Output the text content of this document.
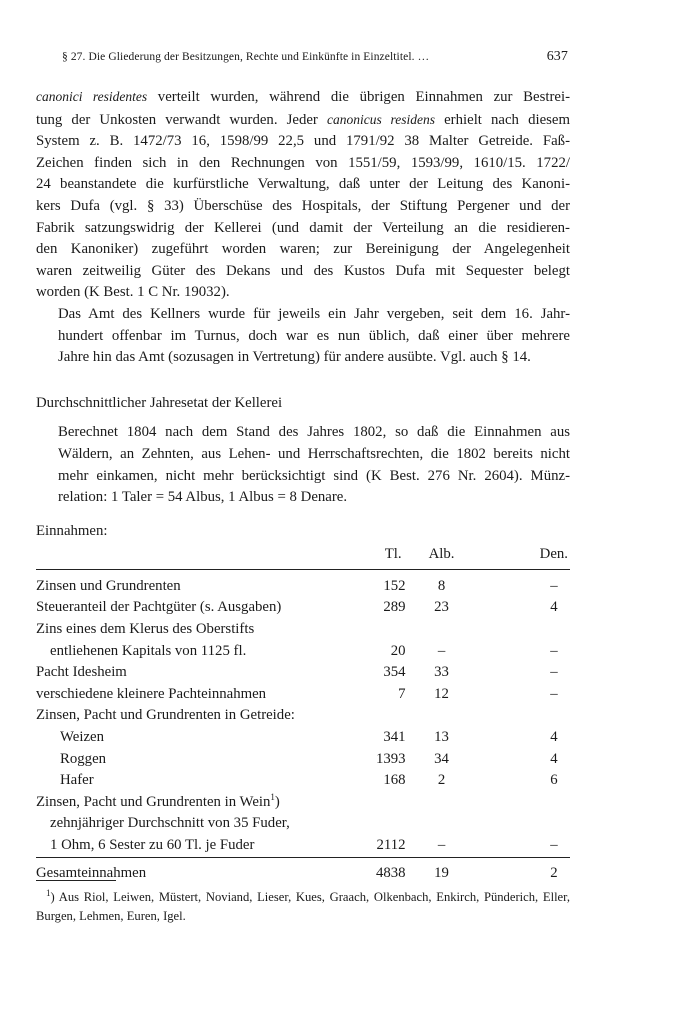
§ 27. Die Gliederung der Besitzungen, Rechte und Einkünfte in Einzeltitel. …	637

canonici residentes verteilt wurden, während die übrigen Einnahmen zur Bestrei-
tung der Unkosten verwandt wurden. Jeder canonicus residens erhielt nach diesem
System z. B. 1472/73 16, 1598/99 22,5 und 1791/92 38 Malter Getreide. Faß-
Zeichen finden sich in den Rechnungen von 1551/59, 1593/99, 1610/15. 1722/
24 beanstandete die kurfürstliche Verwaltung, daß unter der Leitung des Kanoni-
kers Dufa (vgl. § 33) Überschüse des Hospitals, der Stiftung Pergener und der
Fabrik satzungswidrig der Kellerei (und damit der Verteilung an die residieren-
den Kanoniker) zugeführt worden waren; zur Bereinigung der Angelegenheit
waren zeitweilig Güter des Dekans und des Kustos Dufa mit Sequester belegt
worden (K Best. 1 C Nr. 19032).

Das Amt des Kellners wurde für jeweils ein Jahr vergeben, seit dem 16. Jahr-
hundert offenbar im Turnus, doch war es nun üblich, daß einer über mehrere
Jahre hin das Amt (sozusagen in Vertretung) für andere ausübte. Vgl. auch § 14.

Durchschnittlicher Jahresetat der Kellerei

Berechnet 1804 nach dem Stand des Jahres 1802, so daß die Einnahmen aus
Wäldern, an Zehnten, aus Lehen- und Herrschaftsrechten, die 1802 bereits nicht
mehr einkamen, nicht mehr berücksichtigt sind (K Best. 276 Nr. 2604). Münz-
relation: 1 Taler = 54 Albus, 1 Albus = 8 Denare.

Einnahmen:

	Tl.	Alb.	Den.
Zinsen und Grundrenten	152	8	–
Steueranteil der Pachtgüter (s. Ausgaben)	289	23	4
Zins eines dem Klerus des Oberstifts			
entliehenen Kapitals von 1125 fl.	20	–	–
Pacht Idesheim	354	33	–
verschiedene kleinere Pachteinnahmen	7	12	–
Zinsen, Pacht und Grundrenten in Getreide:			
Weizen	341	13	4
Roggen	1393	34	4
Hafer	168	2	6
Zinsen, Pacht und Grundrenten in Wein$^1$)			
zehnjähriger Durchschnitt von 35 Fuder,			
1 Ohm, 6 Sester zu 60 Tl. je Fuder	2112	–	–
Gesamteinnahmen	4838	19	2
$^1$) Aus Riol, Leiwen, Müstert, Noviand, Lieser, Kues, Graach, Olkenbach, Enkirch, Pünderich, Eller, Burgen, Lehmen, Euren, Igel.
